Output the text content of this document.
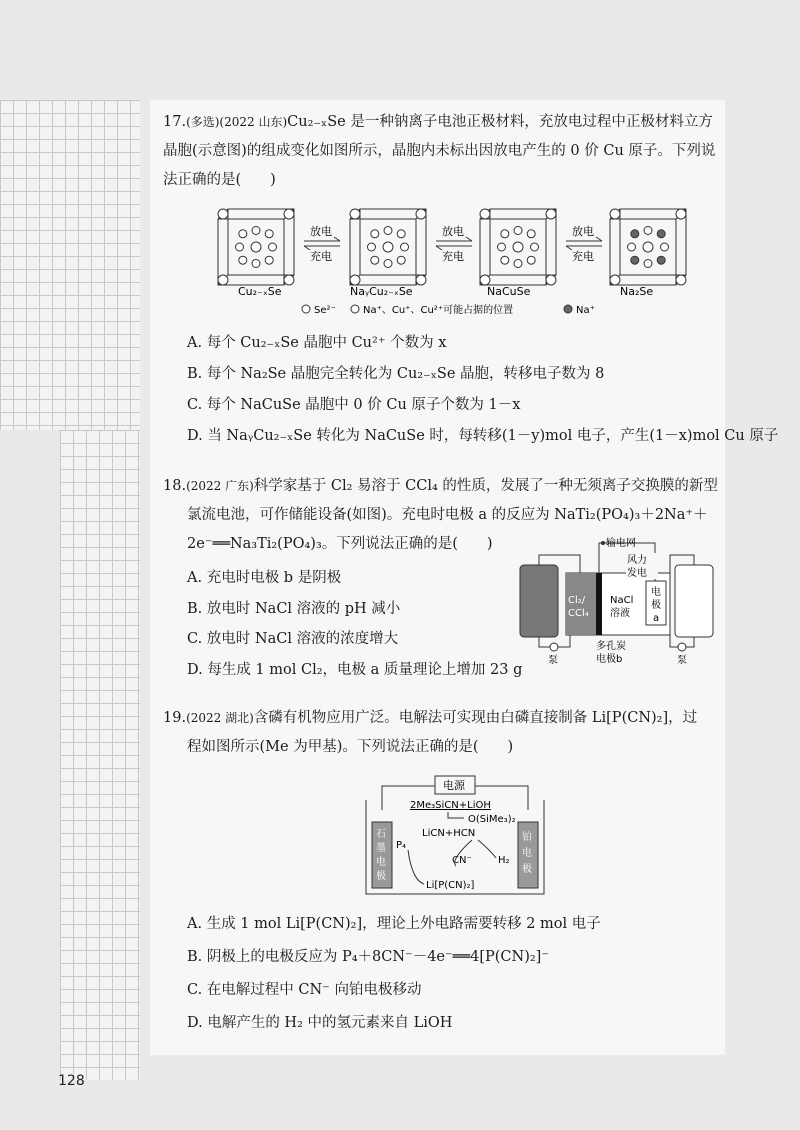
17.(多选)(2022 山东)Cu₂₋ₓSe 是一种钠离子电池正极材料，充放电过程中正极材料立方晶胞(示意图)的组成变化如图所示，晶胞内未标出因放电产生的 0 价 Cu 原子。下列说法正确的是(　　)
Cu₂₋ₓSe	NaᵧCu₂₋ₓSe	NaCuSe	Na₂Se
放电
充电
放电
充电
放电
充电
Se²⁻	Na⁺、Cu⁺、Cu²⁺可能占据的位置	Na⁺
A. 每个 Cu₂₋ₓSe 晶胞中 Cu²⁺ 个数为 x
B. 每个 Na₂Se 晶胞完全转化为 Cu₂₋ₓSe 晶胞，转移电子数为 8
C. 每个 NaCuSe 晶胞中 0 价 Cu 原子个数为 1－x
D. 当 NaᵧCu₂₋ₓSe 转化为 NaCuSe 时，每转移(1－y)mol 电子，产生(1－x)mol Cu 原子
18.(2022 广东)科学家基于 Cl₂ 易溶于 CCl₄ 的性质，发展了一种无须离子交换膜的新型
氯流电池，可作储能设备(如图)。充电时电极 a 的反应为 NaTi₂(PO₄)₃＋2Na⁺＋
2e⁻══Na₃Ti₂(PO₄)₃。下列说法正确的是(　　)
A. 充电时电极 b 是阴极
B. 放电时 NaCl 溶液的 pH 减小
C. 放电时 NaCl 溶液的浓度增大
D. 每生成 1 mol Cl₂，电极 a 质量理论上增加 23 g
Cl₂/
CCl₄
NaCl
溶液
电
极
a
输电网
风力
发电
泵	泵
多孔炭
电极b
19.(2022 湖北)含磷有机物应用广泛。电解法可实现由白磷直接制备 Li[P(CN)₂]，过
程如图所示(Me 为甲基)。下列说法正确的是(　　)
电源
石
墨
电
极
铂
电
极
2Me₃SiCN+LiOH
O(SiMe₃)₂
LiCN+HCN
P₄
CN⁻	H₂
Li[P(CN)₂]
A. 生成 1 mol Li[P(CN)₂]，理论上外电路需要转移 2 mol 电子
B. 阴极上的电极反应为 P₄＋8CN⁻－4e⁻══4[P(CN)₂]⁻
C. 在电解过程中 CN⁻ 向铂电极移动
D. 电解产生的 H₂ 中的氢元素来自 LiOH
128
